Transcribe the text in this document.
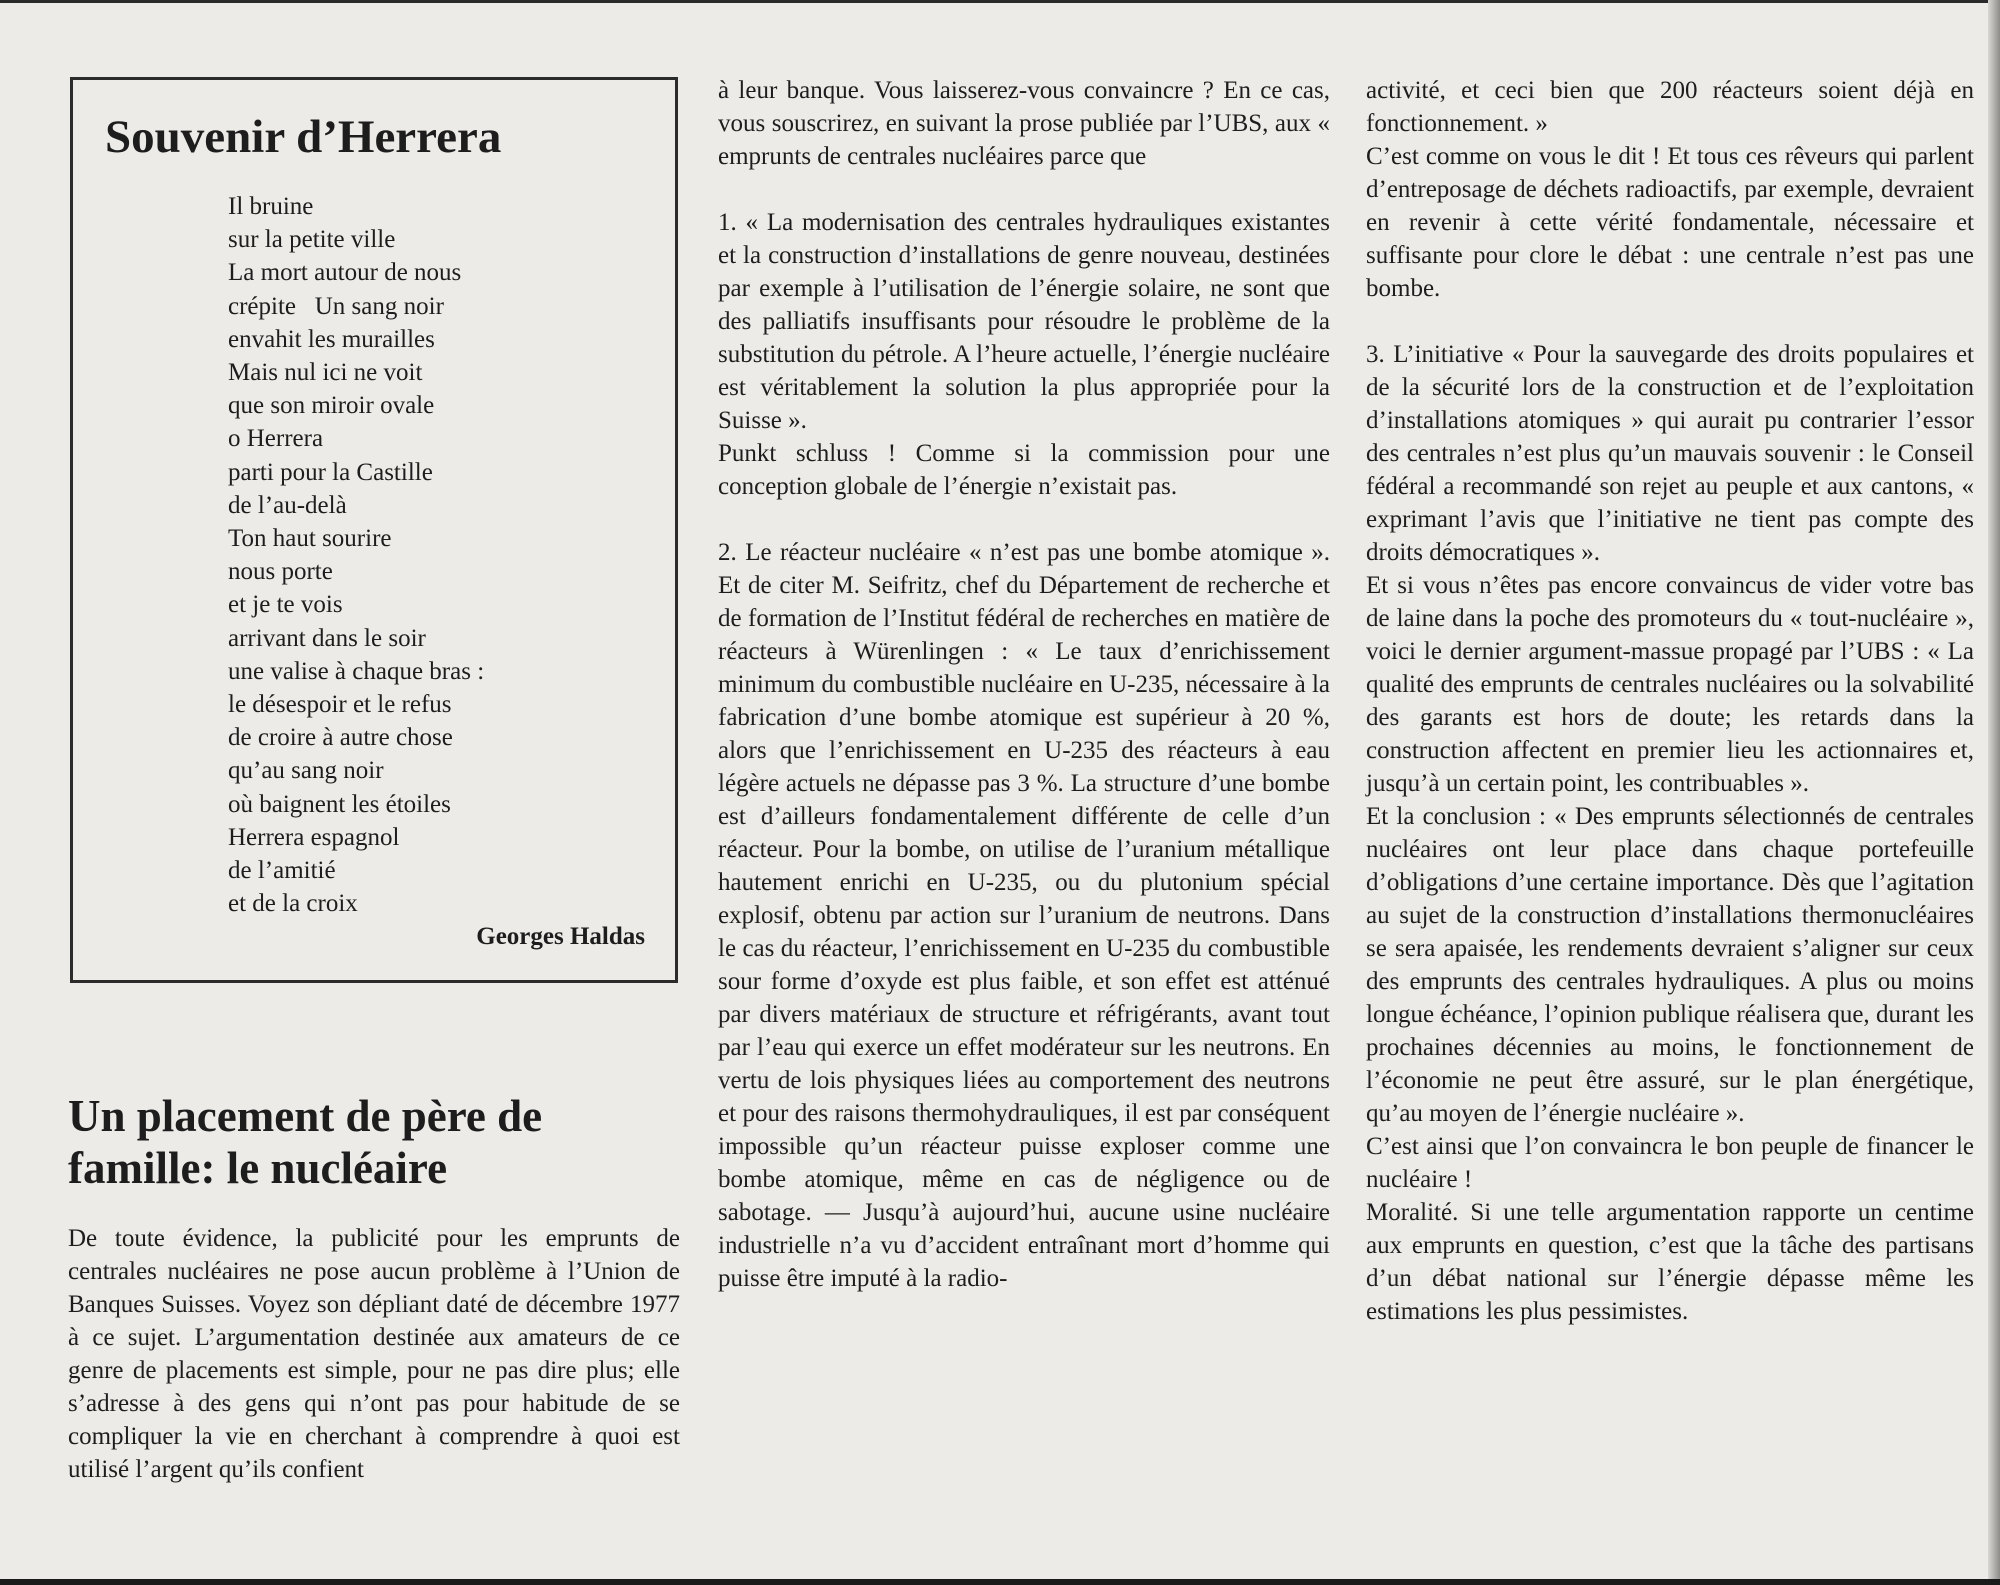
Souvenir d’Herrera
Il bruine
sur la petite ville
La mort autour de nous
crépite   Un sang noir
envahit les murailles
Mais nul ici ne voit
que son miroir ovale
o Herrera
parti pour la Castille
de l’au-delà
Ton haut sourire
nous porte
et je te vois
arrivant dans le soir
une valise à chaque bras :
le désespoir et le refus
de croire à autre chose
qu’au sang noir
où baignent les étoiles
Herrera espagnol
de l’amitié
et de la croix
Georges Haldas
Un placement de père de famille: le nucléaire

De toute évidence, la publicité pour les emprunts de centrales nucléaires ne pose aucun problème à l’Union de Banques Suisses. Voyez son dépliant daté de décembre 1977 à ce sujet. L’argumentation destinée aux amateurs de ce genre de placements est simple, pour ne pas dire plus; elle s’adresse à des gens qui n’ont pas pour habitude de se compliquer la vie en cherchant à comprendre à quoi est utilisé l’argent qu’ils confient

à leur banque. Vous laisserez-vous convaincre ? En ce cas, vous souscrirez, en suivant la prose publiée par l’UBS, aux « emprunts de centrales nucléaires parce que

1. « La modernisation des centrales hydrauliques existantes et la construction d’installations de genre nouveau, destinées par exemple à l’utilisation de l’énergie solaire, ne sont que des palliatifs insuffisants pour résoudre le problème de la substitution du pétrole. A l’heure actuelle, l’énergie nucléaire est véritablement la solution la plus appropriée pour la Suisse ».

Punkt schluss ! Comme si la commission pour une conception globale de l’énergie n’existait pas.

2. Le réacteur nucléaire « n’est pas une bombe atomique ». Et de citer M. Seifritz, chef du Département de recherche et de formation de l’Institut fédéral de recherches en matière de réacteurs à Würenlingen : « Le taux d’enrichissement minimum du combustible nucléaire en U-235, nécessaire à la fabrication d’une bombe atomique est supérieur à 20 %, alors que l’enrichissement en U-235 des réacteurs à eau légère actuels ne dépasse pas 3 %. La structure d’une bombe est d’ailleurs fondamentalement différente de celle d’un réacteur. Pour la bombe, on utilise de l’uranium métallique hautement enrichi en U-235, ou du plutonium spécial explosif, obtenu par action sur l’uranium de neutrons. Dans le cas du réacteur, l’enrichissement en U-235 du combustible sour forme d’oxyde est plus faible, et son effet est atténué par divers matériaux de structure et réfrigérants, avant tout par l’eau qui exerce un effet modérateur sur les neutrons. En vertu de lois physiques liées au comportement des neutrons et pour des raisons thermohydrauliques, il est par conséquent impossible qu’un réacteur puisse exploser comme une bombe atomique, même en cas de négligence ou de sabotage. — Jusqu’à aujourd’hui, aucune usine nucléaire industrielle n’a vu d’accident entraînant mort d’homme qui puisse être imputé à la radio-

activité, et ceci bien que 200 réacteurs soient déjà en fonctionnement. »

C’est comme on vous le dit ! Et tous ces rêveurs qui parlent d’entreposage de déchets radioactifs, par exemple, devraient en revenir à cette vérité fondamentale, nécessaire et suffisante pour clore le débat : une centrale n’est pas une bombe.

3. L’initiative « Pour la sauvegarde des droits populaires et de la sécurité lors de la construction et de l’exploitation d’installations atomiques » qui aurait pu contrarier l’essor des centrales n’est plus qu’un mauvais souvenir : le Conseil fédéral a recommandé son rejet au peuple et aux cantons, « exprimant l’avis que l’initiative ne tient pas compte des droits démocratiques ».

Et si vous n’êtes pas encore convaincus de vider votre bas de laine dans la poche des promoteurs du « tout-nucléaire », voici le dernier argument-massue propagé par l’UBS : « La qualité des emprunts de centrales nucléaires ou la solvabilité des garants est hors de doute; les retards dans la construction affectent en premier lieu les actionnaires et, jusqu’à un certain point, les contribuables ».

Et la conclusion : « Des emprunts sélectionnés de centrales nucléaires ont leur place dans chaque portefeuille d’obligations d’une certaine importance. Dès que l’agitation au sujet de la construction d’installations thermonucléaires se sera apaisée, les rendements devraient s’aligner sur ceux des emprunts des centrales hydrauliques. A plus ou moins longue échéance, l’opinion publique réalisera que, durant les prochaines décennies au moins, le fonctionnement de l’économie ne peut être assuré, sur le plan énergétique, qu’au moyen de l’énergie nucléaire ».

C’est ainsi que l’on convaincra le bon peuple de financer le nucléaire !

Moralité. Si une telle argumentation rapporte un centime aux emprunts en question, c’est que la tâche des partisans d’un débat national sur l’énergie dépasse même les estimations les plus pessimistes.
